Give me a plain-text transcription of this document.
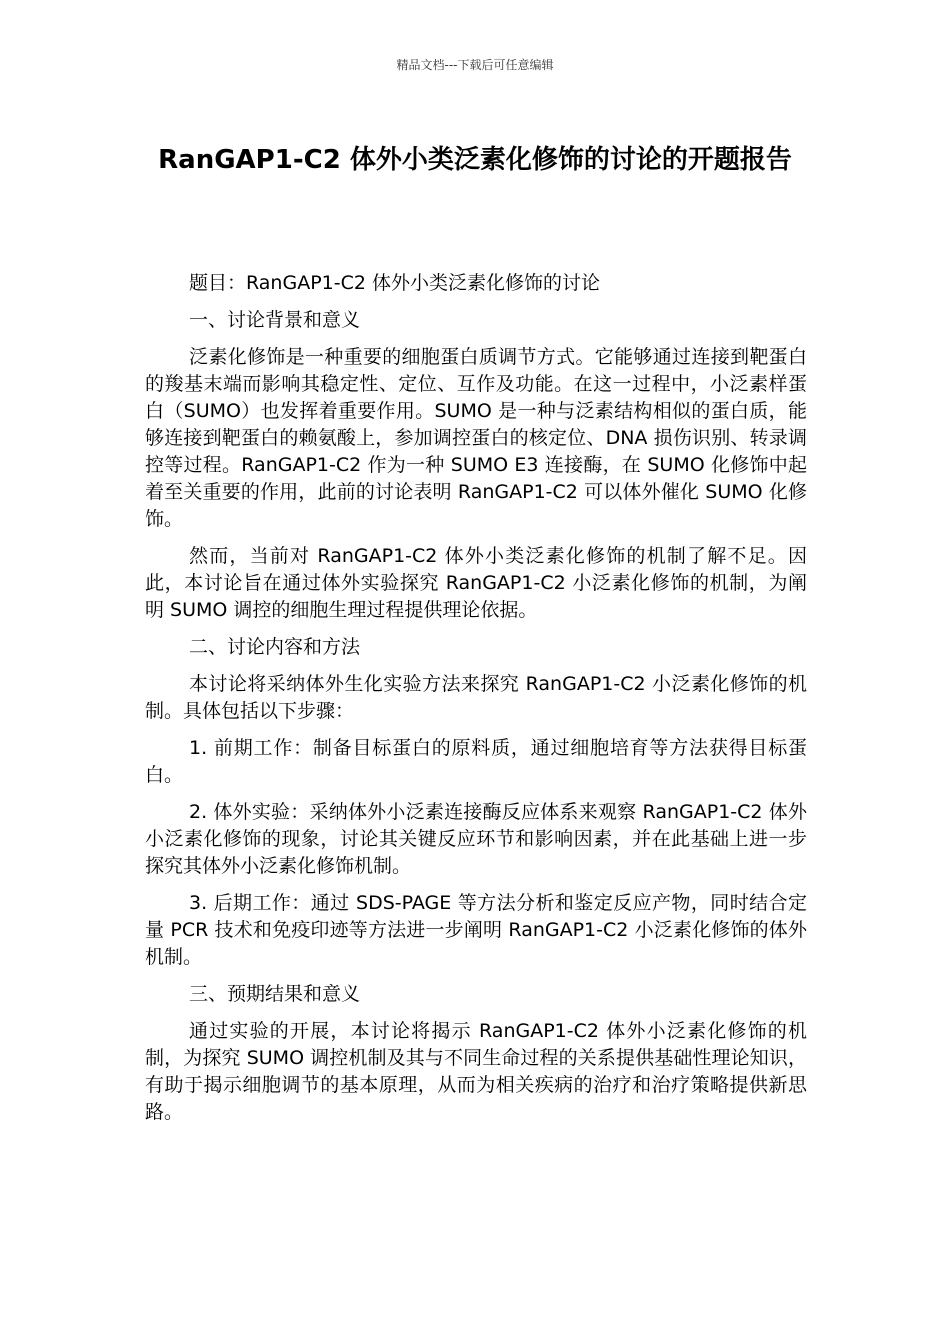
精品文档---下载后可任意编辑
RanGAP1-C2 体外小类泛素化修饰的讨论的开题报告

题目：RanGAP1-C2 体外小类泛素化修饰的讨论

一、讨论背景和意义

泛素化修饰是一种重要的细胞蛋白质调节方式。它能够通过连接到靶蛋白的羧基末端而影响其稳定性、定位、互作及功能。在这一过程中，小泛素样蛋白（SUMO）也发挥着重要作用。SUMO 是一种与泛素结构相似的蛋白质，能够连接到靶蛋白的赖氨酸上，参加调控蛋白的核定位、DNA 损伤识别、转录调控等过程。RanGAP1-C2 作为一种 SUMO E3 连接酶，在 SUMO 化修饰中起着至关重要的作用，此前的讨论表明 RanGAP1-C2 可以体外催化 SUMO 化修饰。

然而，当前对 RanGAP1-C2 体外小类泛素化修饰的机制了解不足。因此，本讨论旨在通过体外实验探究 RanGAP1-C2 小泛素化修饰的机制，为阐明 SUMO 调控的细胞生理过程提供理论依据。

二、讨论内容和方法

本讨论将采纳体外生化实验方法来探究 RanGAP1-C2 小泛素化修饰的机制。具体包括以下步骤：

1. 前期工作：制备目标蛋白的原料质，通过细胞培育等方法获得目标蛋白。

2. 体外实验：采纳体外小泛素连接酶反应体系来观察 RanGAP1-C2 体外小泛素化修饰的现象，讨论其关键反应环节和影响因素，并在此基础上进一步探究其体外小泛素化修饰机制。

3. 后期工作：通过 SDS-PAGE 等方法分析和鉴定反应产物，同时结合定量 PCR 技术和免疫印迹等方法进一步阐明 RanGAP1-C2 小泛素化修饰的体外机制。

三、预期结果和意义

通过实验的开展，本讨论将揭示 RanGAP1-C2 体外小泛素化修饰的机制，为探究 SUMO 调控机制及其与不同生命过程的关系提供基础性理论知识，有助于揭示细胞调节的基本原理，从而为相关疾病的治疗和治疗策略提供新思路。
